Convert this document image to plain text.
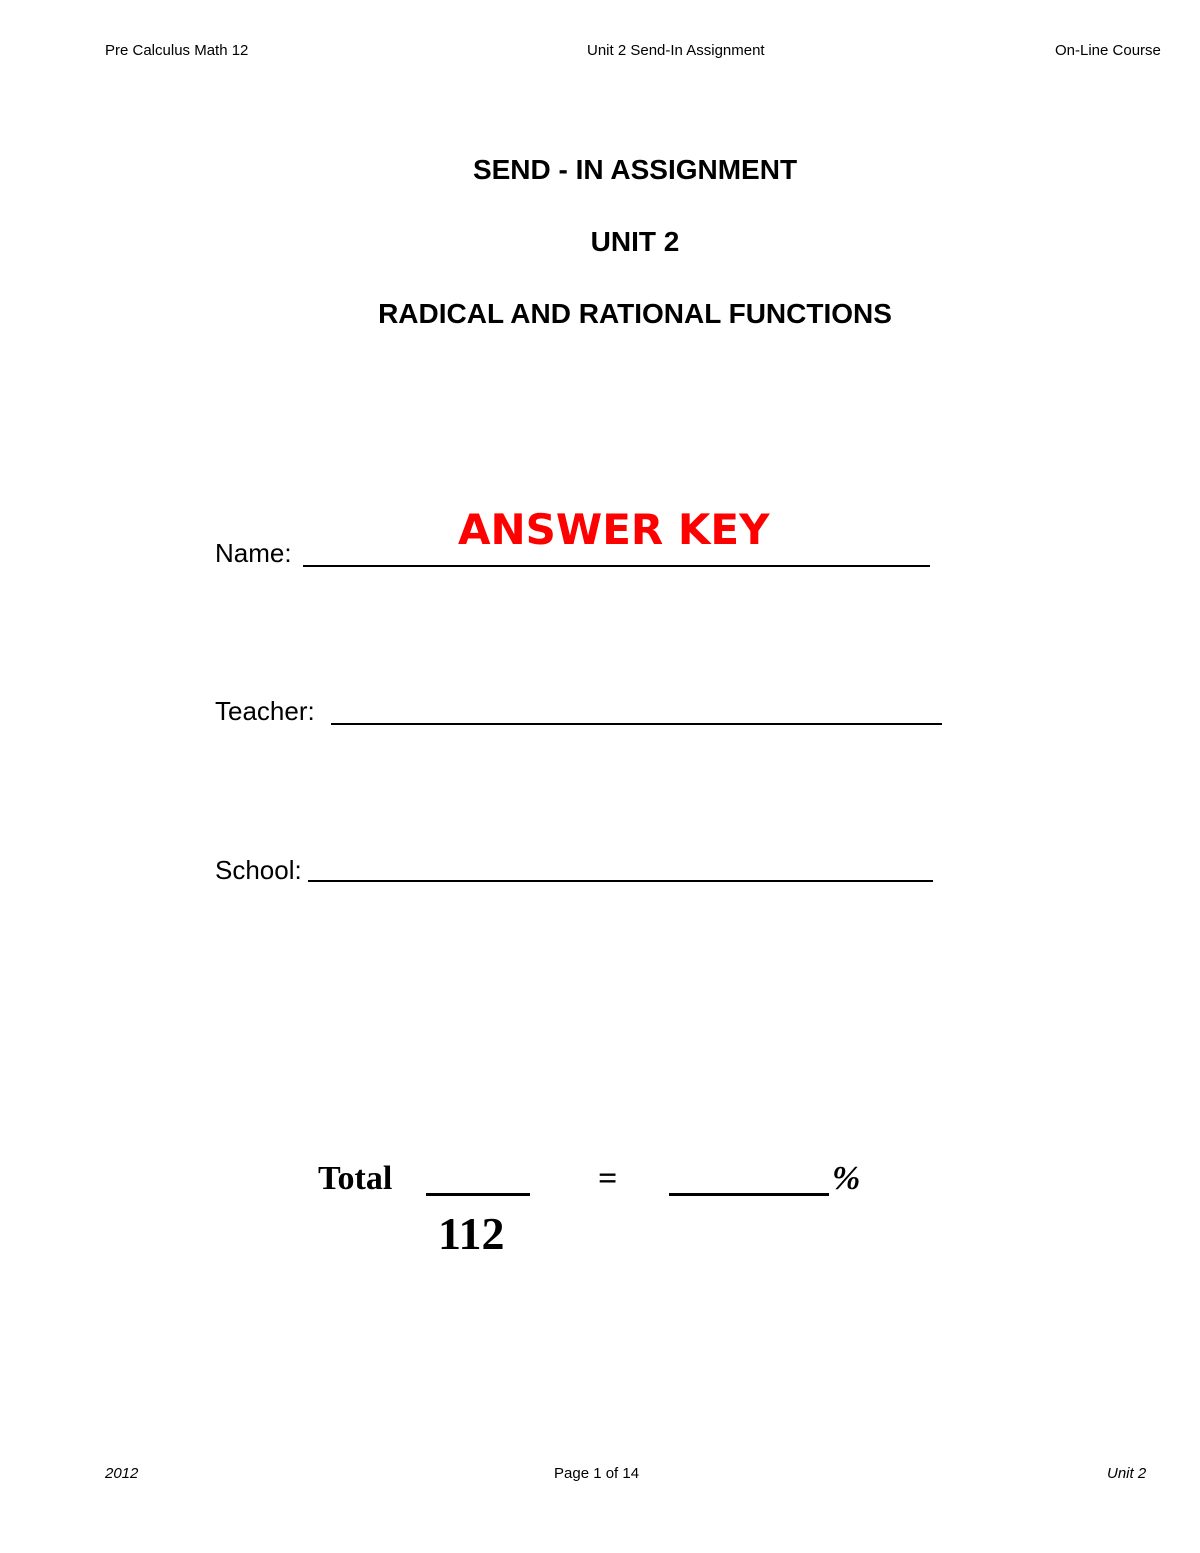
Pre Calculus Math 12	Unit 2 Send-In Assignment	On-Line Course
SEND - IN ASSIGNMENT
UNIT 2
RADICAL AND RATIONAL FUNCTIONS
Name:	ANSWER KEY
Teacher:
School:
Total	=	%
112
2012	Page 1 of 14	Unit 2
